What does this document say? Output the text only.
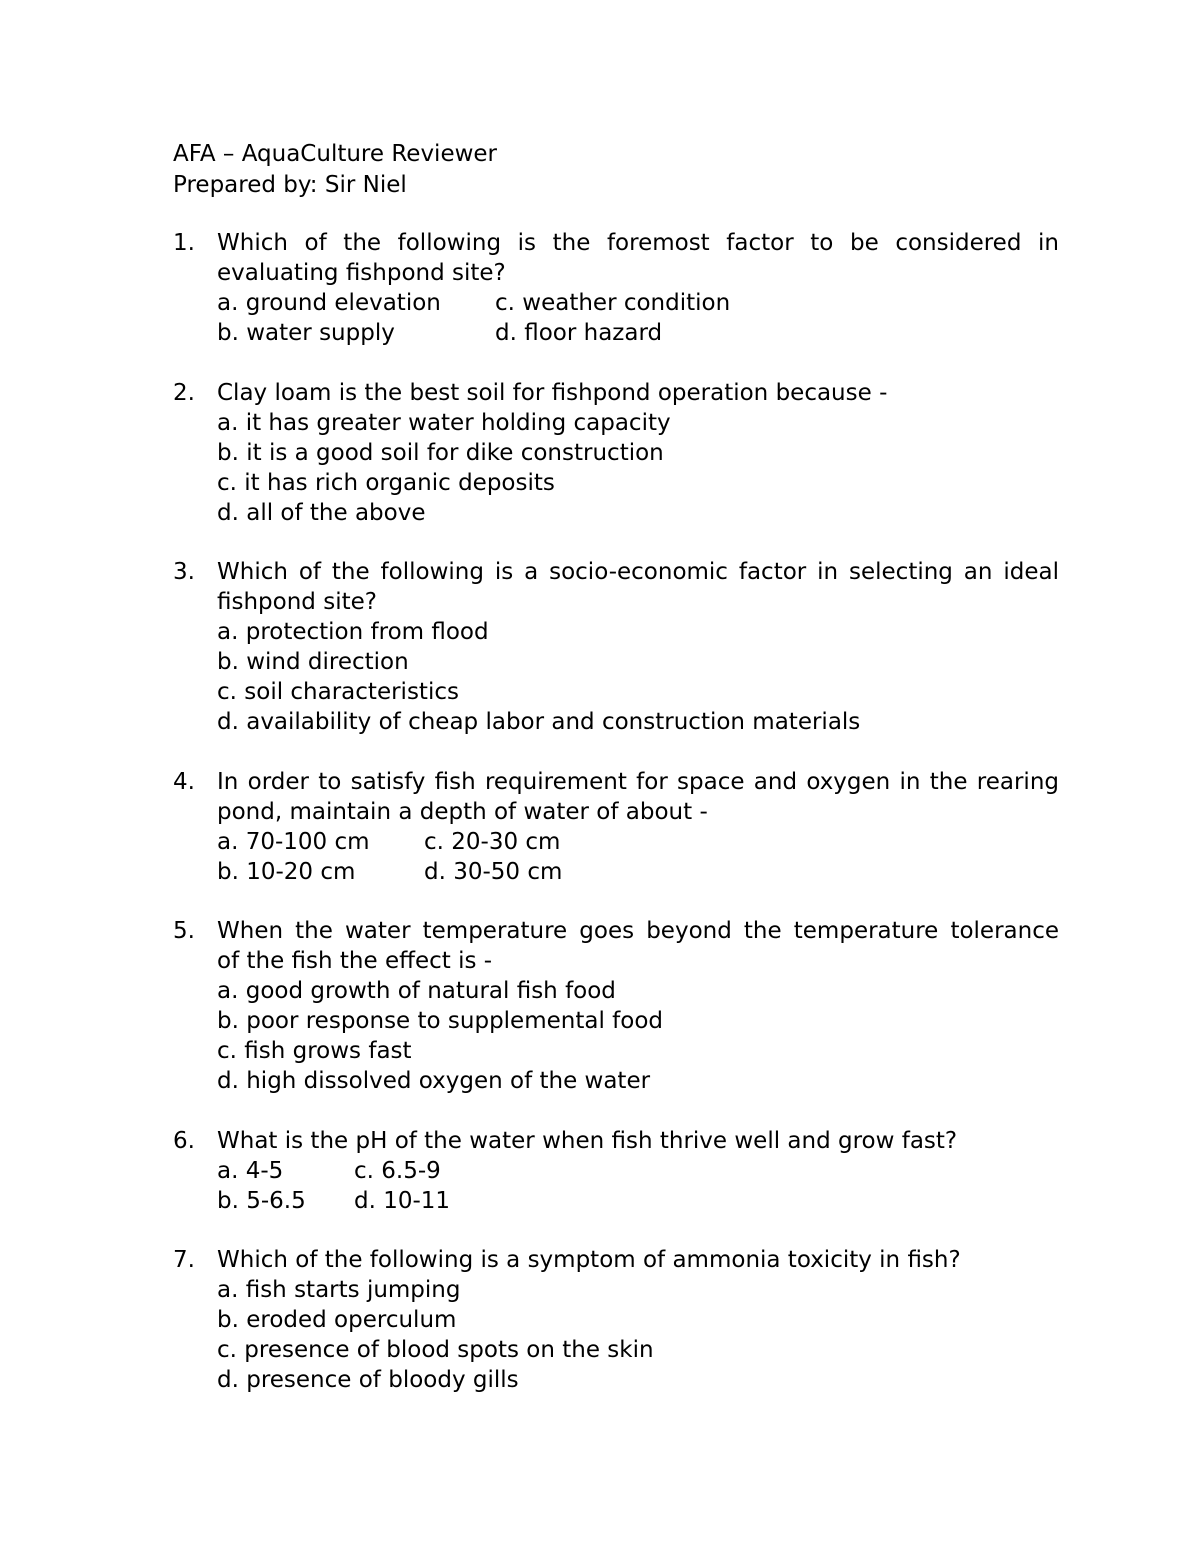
AFA – AquaCulture Reviewer
Prepared by: Sir Niel
1. Which of the following is the foremost factor to be considered in
evaluating fishpond site?
a. ground elevation c. weather condition
b. water supply	d. floor hazard
2. Clay loam is the best soil for fishpond operation because -
a. it has greater water holding capacity
b. it is a good soil for dike construction
c. it has rich organic deposits
d. all of the above
3. Which of the following is a socio-economic factor in selecting an ideal
fishpond site?
a. protection from flood
b. wind direction
c. soil characteristics
d. availability of cheap labor and construction materials
4. In order to satisfy fish requirement for space and oxygen in the rearing
pond, maintain a depth of water of about -
a. 70-100 cm c. 20-30 cm
b. 10-20 cm	d. 30-50 cm
5. When the water temperature goes beyond the temperature tolerance
of the fish the effect is -
a. good growth of natural fish food
b. poor response to supplemental food
c. fish grows fast
d. high dissolved oxygen of the water
6. What is the pH of the water when fish thrive well and grow fast?
a. 4-5	c. 6.5-9
b. 5-6.5 d. 10-11
7. Which of the following is a symptom of ammonia toxicity in fish?
a. fish starts jumping
b. eroded operculum
c. presence of blood spots on the skin
d. presence of bloody gills
